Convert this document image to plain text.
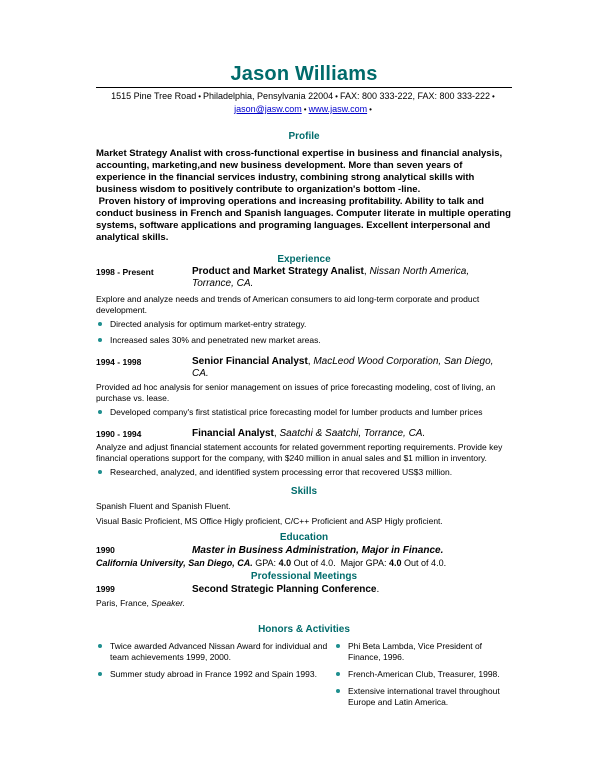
Jason Williams
1515 Pine Tree Road • Philadelphia, Pensylvania 22004 • FAX: 800 333-222, FAX: 800 333-222 •
jason@jasw.com • www.jasw.com •
Profile
Market Strategy Analist with cross-functional expertise in business and financial analysis, accounting, marketing,and new business development. More than seven years of experience in the financial services industry, combining strong analytical skills with business wisdom to positively contribute to organization's bottom -line.
Proven history of improving operations and increasing profitability. Ability to talk and conduct business in French and Spanish languages. Computer literate in multiple operating systems, software applications and programing languages. Excellent interpersonal and analytical skills.
Experience
1998 - Present	Product and Market Strategy Analist, Nissan North America, Torrance, CA.
Explore and analyze needs and trends of American consumers to aid long-term corporate and product development.
Directed analysis for optimum market-entry strategy.
Increased sales 30% and penetrated new market areas.
1994 - 1998	Senior Financial Analyst, MacLeod Wood Corporation, San Diego, CA.
Provided ad hoc analysis for senior management on issues of price forecasting modeling, cost of living, an purchase vs. lease.
Developed company's first statistical price forecasting model for lumber products and lumber prices
1990 - 1994	Financial Analyst, Saatchi & Saatchi, Torrance, CA.
Analyze and adjust financial statement accounts for related government reporting requirements. Provide key financial operations support for the company, with $240 million in anual sales and $1 million in inventory.
Researched, analyzed, and identified system processing error that recovered US$3 million.
Skills
Spanish Fluent and Spanish Fluent.
Visual Basic Proficient, MS Office Higly proficient, C/C++ Proficient and ASP Higly proficient.
Education
1990	Master in Business Administration, Major in Finance.
California University, San Diego, CA. GPA: 4.0 Out of 4.0. Major GPA: 4.0 Out of 4.0.
Professional Meetings
1999	Second Strategic Planning Conference.
Paris, France, Speaker.
Honors & Activities
Twice awarded Advanced Nissan Award for individual and team achievements 1999, 2000.
Summer study abroad in France 1992 and Spain 1993.
Phi Beta Lambda, Vice President of Finance, 1996.
French-American Club, Treasurer, 1998.
Extensive international travel throughout Europe and Latin America.
